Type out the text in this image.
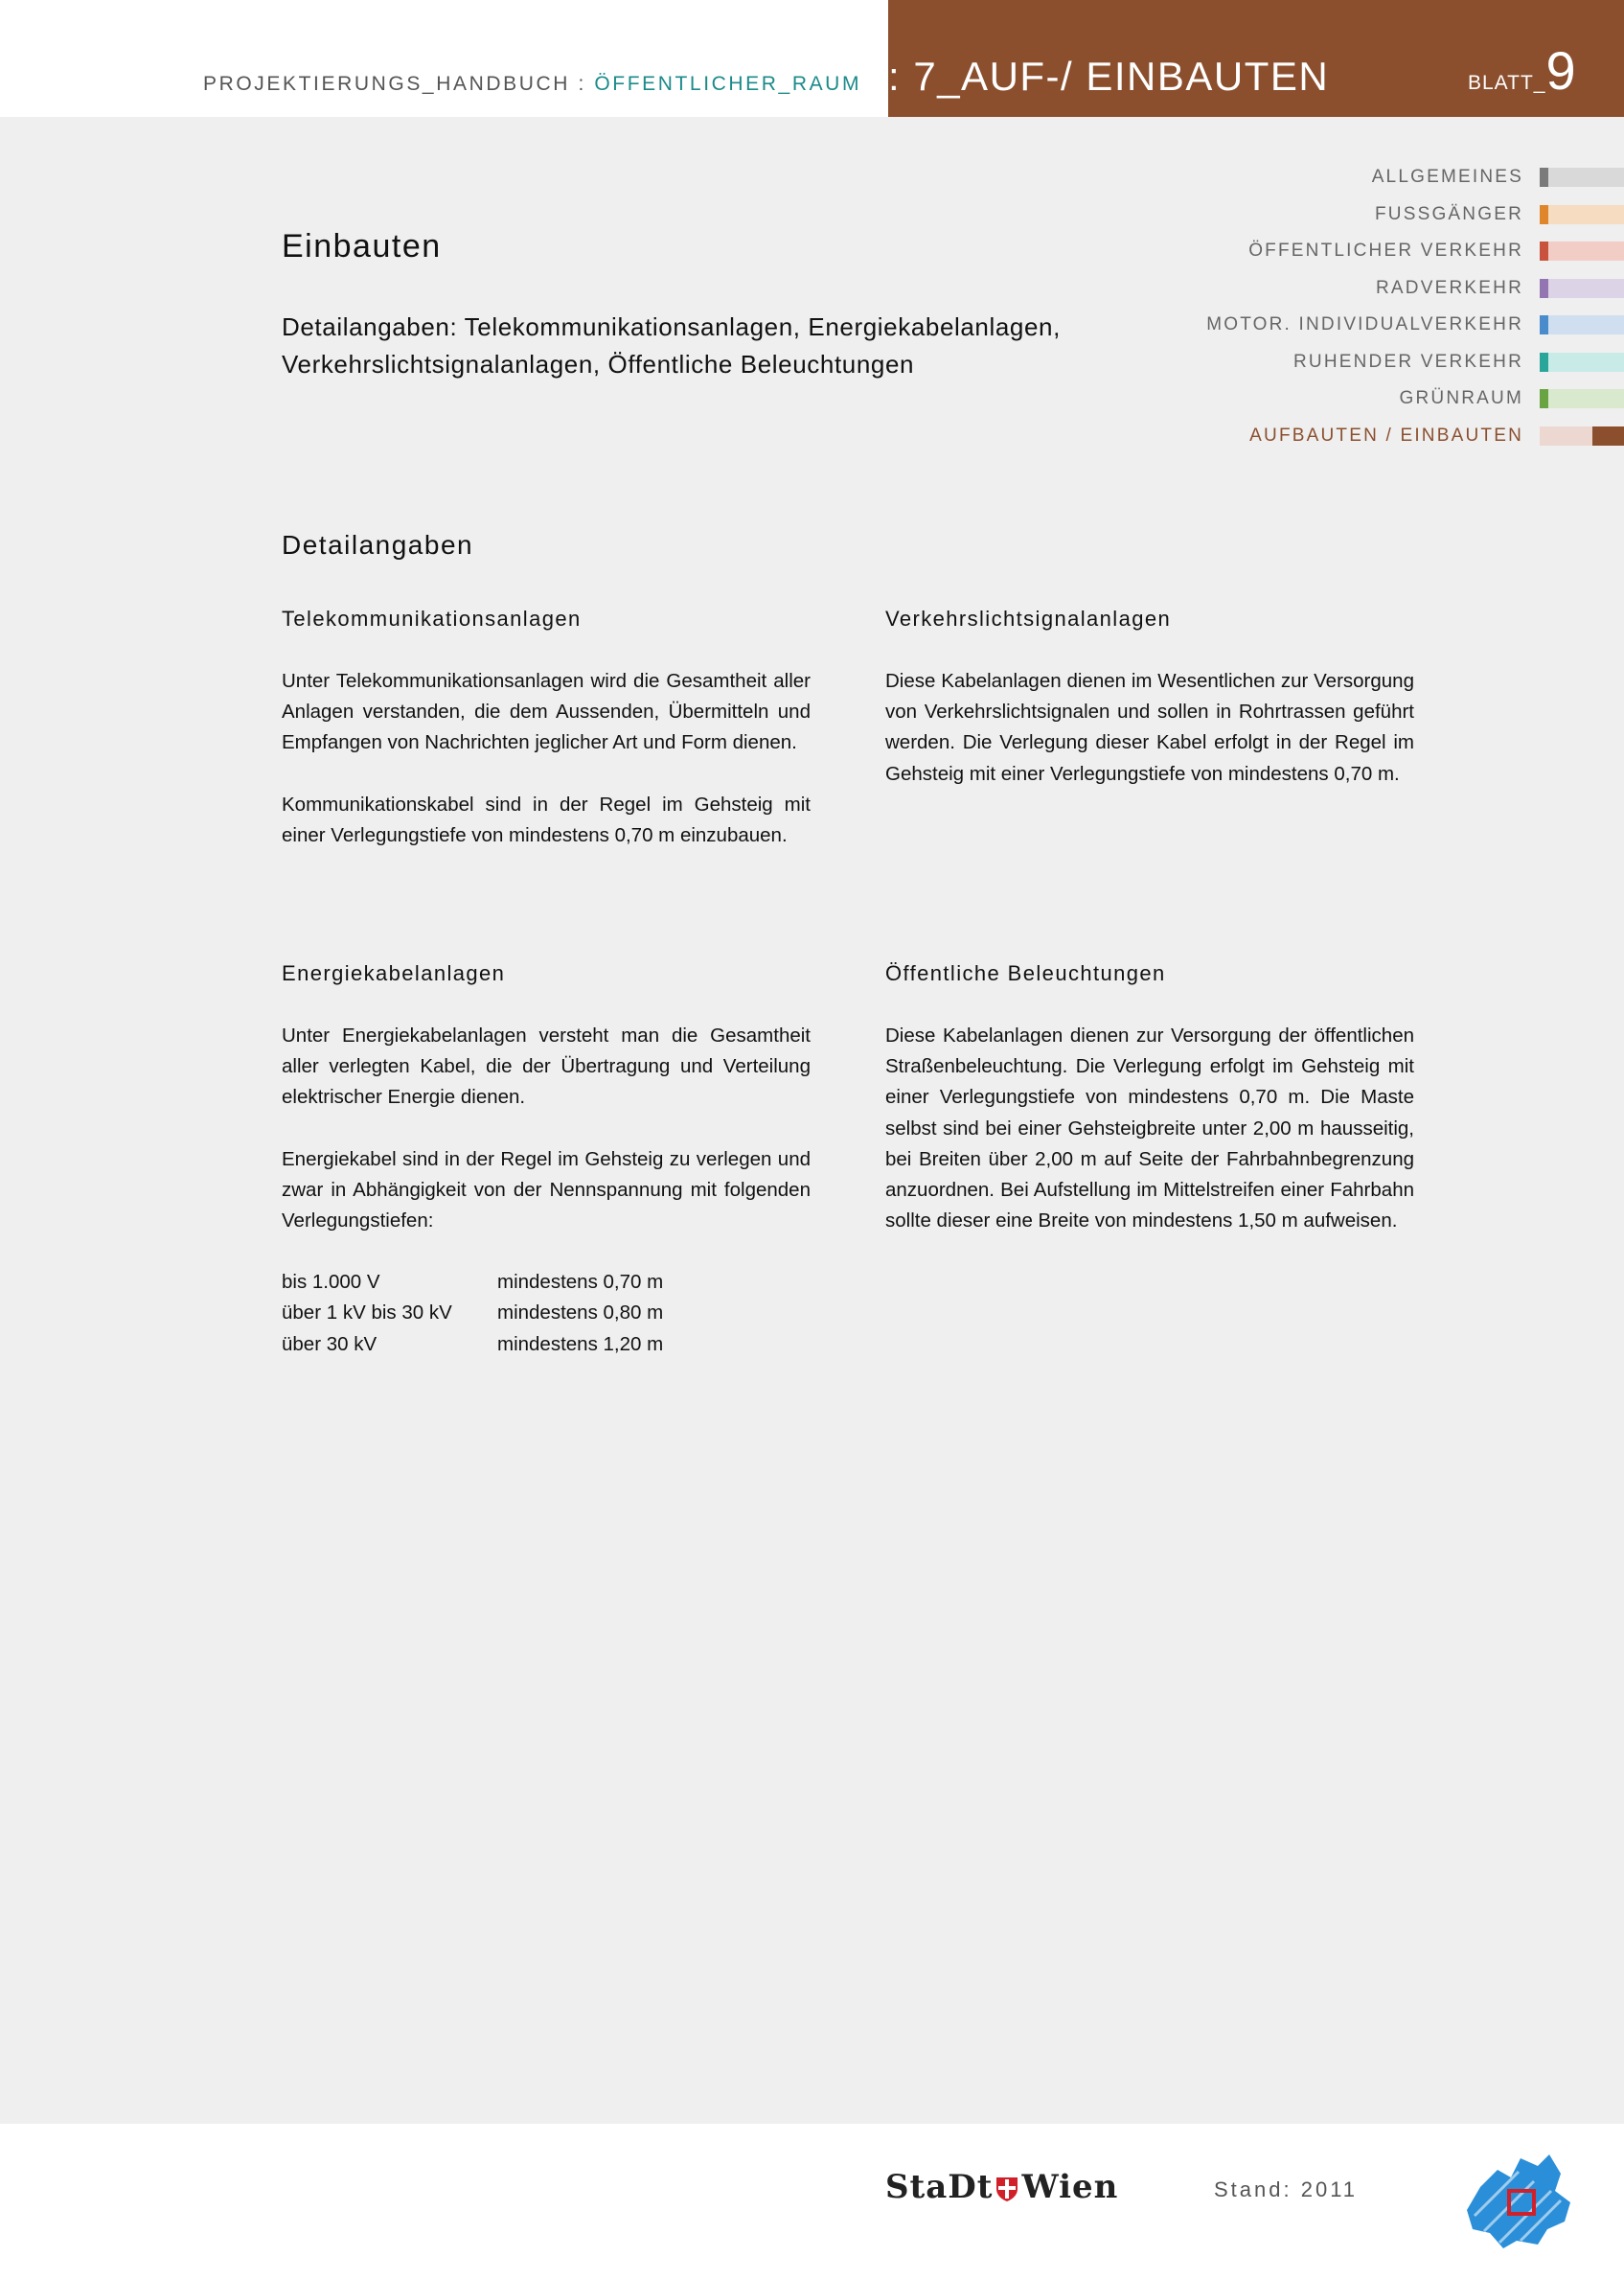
PROJEKTIERUNGS_HANDBUCH : ÖFFENTLICHER_RAUM : 7_AUF-/ EINBAUTEN	BLATT_9
ALLGEMEINES
FUSSGÄNGER
ÖFFENTLICHER VERKEHR
RADVERKEHR
MOTOR. INDIVIDUALVERKEHR
RUHENDER VERKEHR
GRÜNRAUM
AUFBAUTEN / EINBAUTEN
Einbauten
Detailangaben: Telekommunikationsanlagen, Energiekabelanlagen, Verkehrslichtsignalanlagen, Öffentliche Beleuchtungen
Detailangaben
Telekommunikationsanlagen

Unter Telekommunikationsanlagen wird die Gesamtheit aller Anlagen verstanden, die dem Aussenden, Übermitteln und Empfangen von Nachrichten jeglicher Art und Form dienen.

Kommunikationskabel sind in der Regel im Gehsteig mit einer Verlegungstiefe von mindestens 0,70 m einzubauen.

Energiekabelanlagen

Unter Energiekabelanlagen versteht man die Gesamtheit aller verlegten Kabel, die der Übertragung und Verteilung elektrischer Energie dienen.

Energiekabel sind in der Regel im Gehsteig zu verlegen und zwar in Abhängigkeit von der Nennspannung mit folgenden Verlegungstiefen:

bis 1.000 V	mindestens 0,70 m
über 1 kV bis 30 kV	mindestens 0,80 m
über 30 kV	mindestens 1,20 m
Verkehrslichtsignalanlagen

Diese Kabelanlagen dienen im Wesentlichen zur Versorgung von Verkehrslichtsignalen und sollen in Rohrtrassen geführt werden. Die Verlegung dieser Kabel erfolgt in der Regel im Gehsteig mit einer Verlegungstiefe von mindestens 0,70 m.

Öffentliche Beleuchtungen

Diese Kabelanlagen dienen zur Versorgung der öffentlichen Straßenbeleuchtung. Die Verlegung erfolgt im Gehsteig mit einer Verlegungstiefe von mindestens 0,70 m. Die Maste selbst sind bei einer Gehsteigbreite unter 2,00 m hausseitig, bei Breiten über 2,00 m auf Seite der Fahrbahnbegrenzung anzuordnen. Bei Aufstellung im Mittelstreifen einer Fahrbahn sollte dieser eine Breite von mindestens 1,50 m aufweisen.

StaDt Wien	Stand: 2011
